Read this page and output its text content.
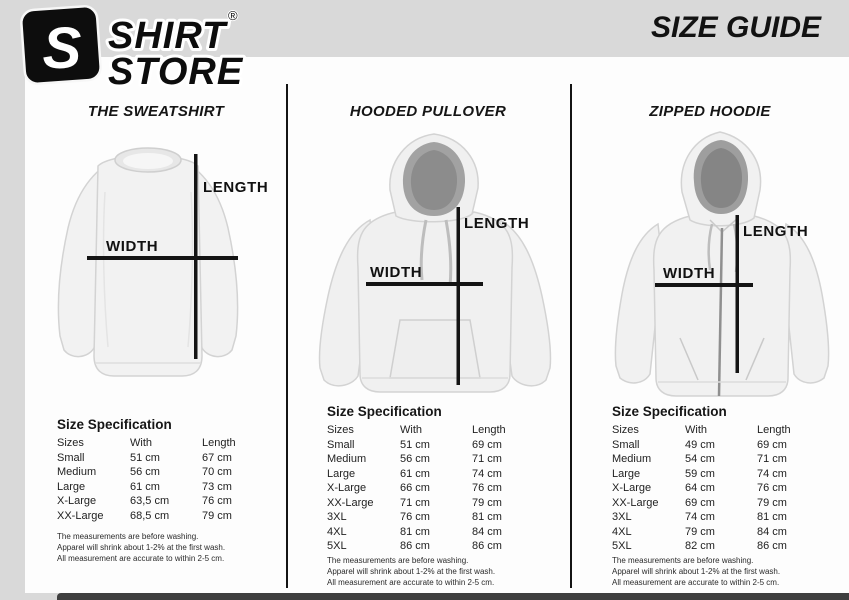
S SHIRT
STORE
®	SIZE GUIDE
THE SWEATSHIRT	HOODED PULLOVER	ZIPPED HOODIE
LENGTH
WIDTH
LENGTH
WIDTH
LENGTH
WIDTH
Size Specification
Sizes	With	Length
Small	51 cm	67 cm
Medium	56 cm	70 cm
Large	61 cm	73 cm
X-Large	63,5 cm	76 cm
XX-Large	68,5 cm	79 cm
Size Specification
Sizes	With	Length
Small	51 cm	69 cm
Medium	56 cm	71 cm
Large	61 cm	74 cm
X-Large	66 cm	76 cm
XX-Large	71 cm	79 cm
3XL	76 cm	81 cm
4XL	81 cm	84 cm
5XL	86 cm	86 cm
Size Specification
Sizes	With	Length
Small	49 cm	69 cm
Medium	54 cm	71 cm
Large	59 cm	74 cm
X-Large	64 cm	76 cm
XX-Large	69 cm	79 cm
3XL	74 cm	81 cm
4XL	79 cm	84 cm
5XL	82 cm	86 cm
The measurements are before washing.
Apparel will shrink about 1-2% at the first wash.
All measurement are accurate to within 2-5 cm.	The measurements are before washing.
Apparel will shrink about 1-2% at the first wash.
All measurement are accurate to within 2-5 cm.
The measurements are before washing.
Apparel will shrink about 1-2% at the first wash.
All measurement are accurate to within 2-5 cm.
